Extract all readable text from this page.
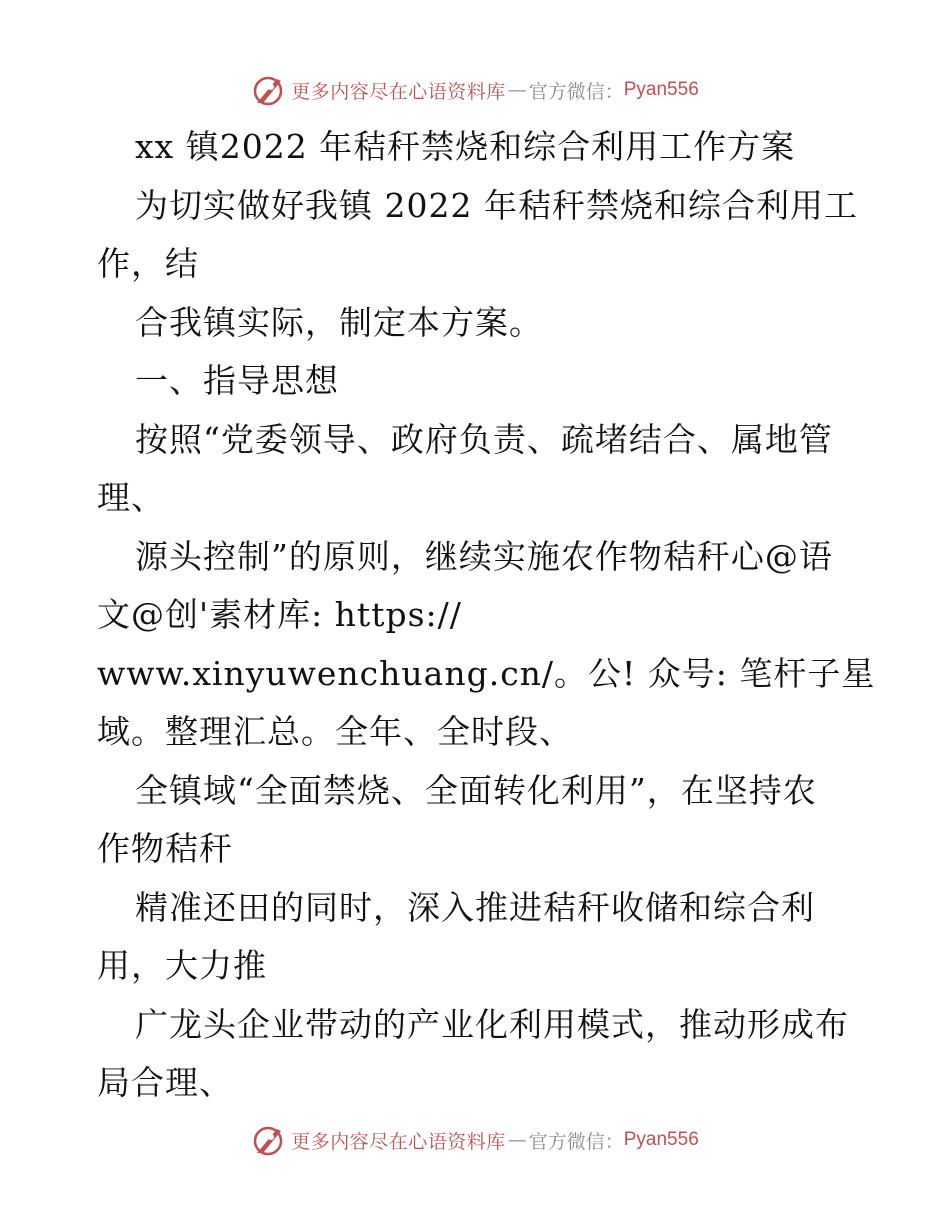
更多内容尽在心语资料库 — 官方微信： Pyan556
xx 镇2022 年秸秆禁烧和综合利用工作方案
为切实做好我镇 2022 年秸秆禁烧和综合利用工
作，结
合我镇实际，制定本方案。
一、指导思想
按照“党委领导、政府负责、疏堵结合、属地管
理、
源头控制”的原则，继续实施农作物秸秆心@语
文@创'素材库: https://
www.xinyuwenchuang.cn/。公! 众号: 笔杆子星
域。整理汇总。全年、全时段、
全镇域“全面禁烧、全面转化利用”，在坚持农
作物秸秆
精准还田的同时，深入推进秸秆收储和综合利
用，大力推
广龙头企业带动的产业化利用模式，推动形成布
局合理、
更多内容尽在心语资料库 — 官方微信： Pyan556
